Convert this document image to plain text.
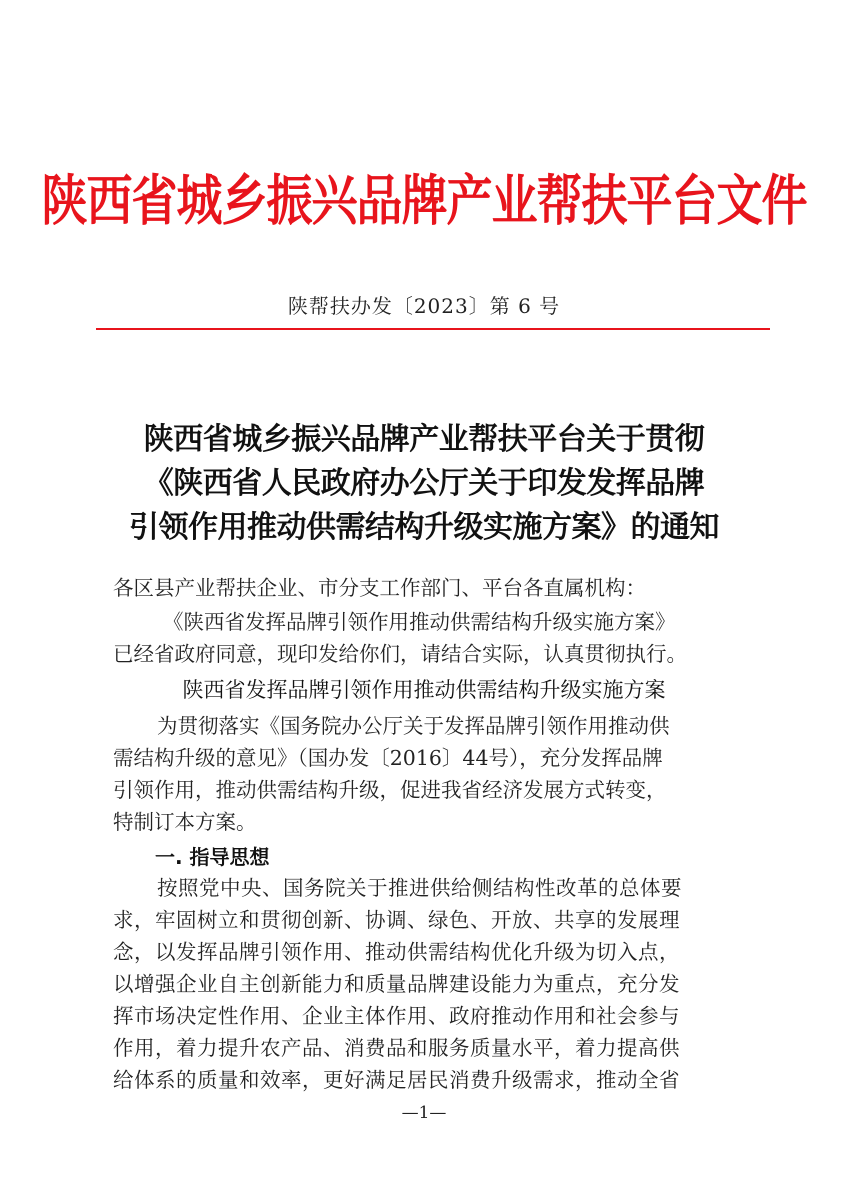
陕西省城乡振兴品牌产业帮扶平台文件
陕帮扶办发〔2023〕第 6 号
陕西省城乡振兴品牌产业帮扶平台关于贯彻
《陕西省人民政府办公厅关于印发发挥品牌
引领作用推动供需结构升级实施方案》的通知
各区县产业帮扶企业、市分支工作部门、平台各直属机构：
《陕西省发挥品牌引领作用推动供需结构升级实施方案》
已经省政府同意，现印发给你们，请结合实际，认真贯彻执行。
陕西省发挥品牌引领作用推动供需结构升级实施方案
为贯彻落实《国务院办公厅关于发挥品牌引领作用推动供
需结构升级的意见》（国办发〔2016〕44号），充分发挥品牌
引领作用，推动供需结构升级，促进我省经济发展方式转变，
特制订本方案。
一. 指导思想
按照党中央、国务院关于推进供给侧结构性改革的总体要
求，牢固树立和贯彻创新、协调、绿色、开放、共享的发展理
念，以发挥品牌引领作用、推动供需结构优化升级为切入点，
以增强企业自主创新能力和质量品牌建设能力为重点，充分发
挥市场决定性作用、企业主体作用、政府推动作用和社会参与
作用，着力提升农产品、消费品和服务质量水平，着力提高供
给体系的质量和效率，更好满足居民消费升级需求，推动全省
—1—
